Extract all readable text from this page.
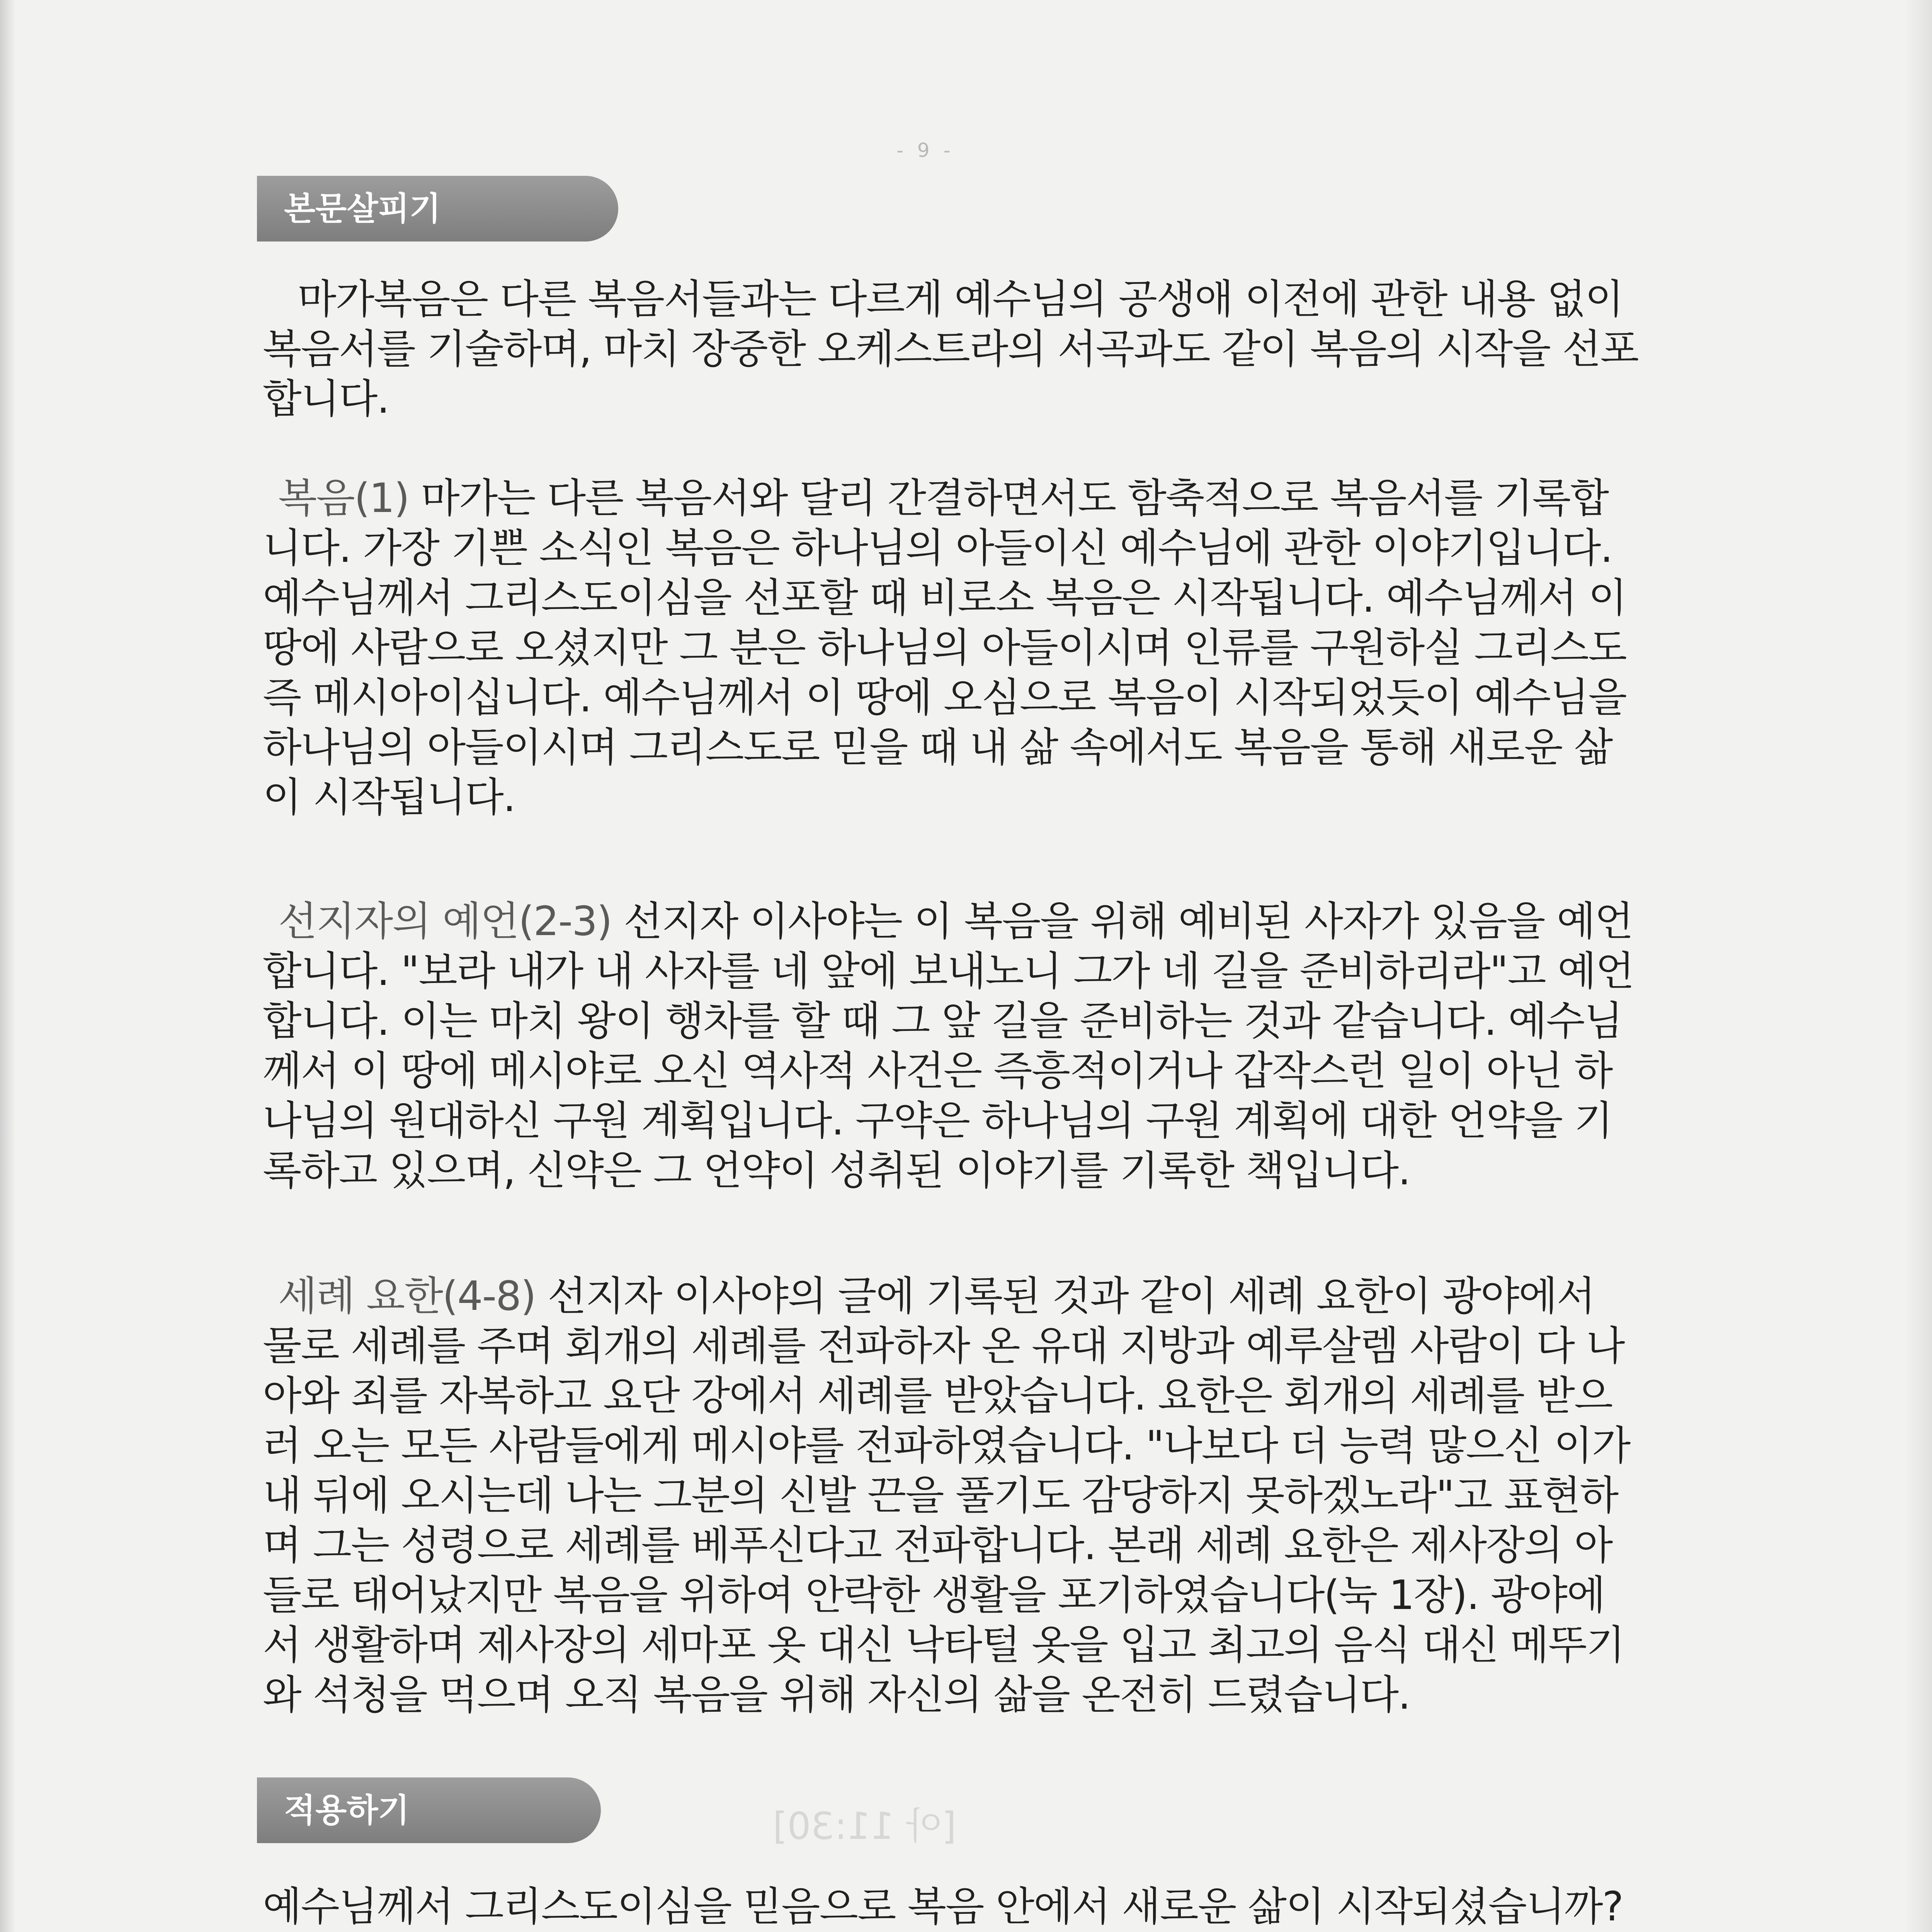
[아 11:30]
- 9 -
본문살피기
마가복음은 다른 복음서들과는 다르게 예수님의 공생애 이전에 관한 내용 없이 복음서를 기술하며, 마치 장중한 오케스트라의 서곡과도 같이 복음의 시작을 선포합니다.
복음(1) 마가는 다른 복음서와 달리 간결하면서도 함축적으로 복음서를 기록합니다. 가장 기쁜 소식인 복음은 하나님의 아들이신 예수님에 관한 이야기입니다. 예수님께서 그리스도이심을 선포할 때 비로소 복음은 시작됩니다. 예수님께서 이 땅에 사람으로 오셨지만 그 분은 하나님의 아들이시며 인류를 구원하실 그리스도 즉 메시아이십니다. 예수님께서 이 땅에 오심으로 복음이 시작되었듯이 예수님을 하나님의 아들이시며 그리스도로 믿을 때 내 삶 속에서도 복음을 통해 새로운 삶이 시작됩니다.
선지자의 예언(2-3) 선지자 이사야는 이 복음을 위해 예비된 사자가 있음을 예언합니다. "보라 내가 내 사자를 네 앞에 보내노니 그가 네 길을 준비하리라"고 예언합니다. 이는 마치 왕이 행차를 할 때 그 앞 길을 준비하는 것과 같습니다. 예수님께서 이 땅에 메시야로 오신 역사적 사건은 즉흥적이거나 갑작스런 일이 아닌 하나님의 원대하신 구원 계획입니다. 구약은 하나님의 구원 계획에 대한 언약을 기록하고 있으며, 신약은 그 언약이 성취된 이야기를 기록한 책입니다.
세례 요한(4-8) 선지자 이사야의 글에 기록된 것과 같이 세례 요한이 광야에서 물로 세례를 주며 회개의 세례를 전파하자 온 유대 지방과 예루살렘 사람이 다 나아와 죄를 자복하고 요단 강에서 세례를 받았습니다. 요한은 회개의 세례를 받으러 오는 모든 사람들에게 메시야를 전파하였습니다. "나보다 더 능력 많으신 이가 내 뒤에 오시는데 나는 그분의 신발 끈을 풀기도 감당하지 못하겠노라"고 표현하며 그는 성령으로 세례를 베푸신다고 전파합니다. 본래 세례 요한은 제사장의 아들로 태어났지만 복음을 위하여 안락한 생활을 포기하였습니다(눅 1장). 광야에서 생활하며 제사장의 세마포 옷 대신 낙타털 옷을 입고 최고의 음식 대신 메뚜기와 석청을 먹으며 오직 복음을 위해 자신의 삶을 온전히 드렸습니다.
적용하기
예수님께서 그리스도이심을 믿음으로 복음 안에서 새로운 삶이 시작되셨습니까?
